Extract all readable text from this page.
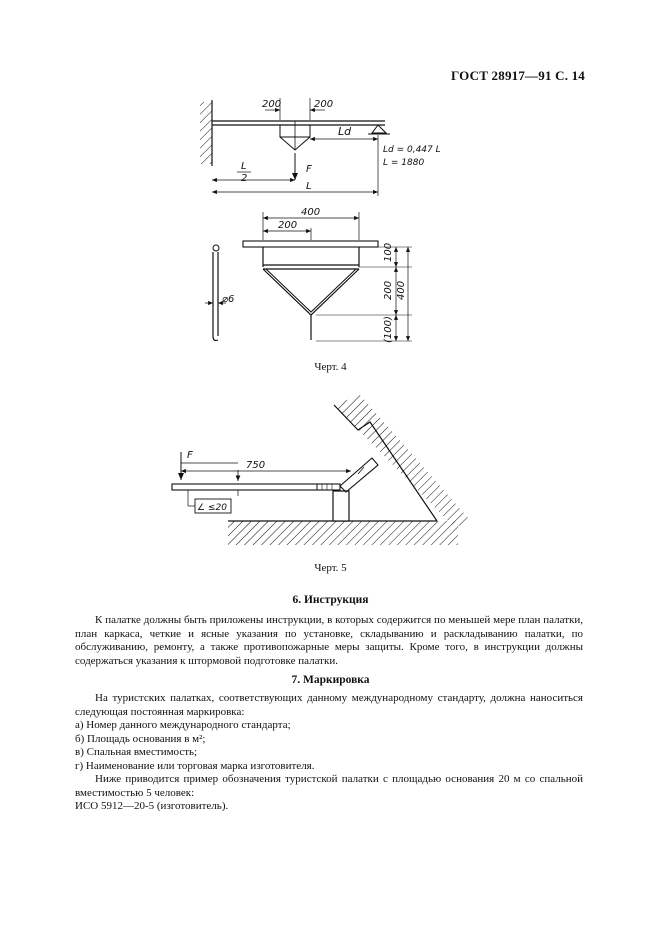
ГОСТ 28917—91 С. 14
200	200
Ld
Ld = 0,447 L
L = 1880
F
L
2
L
400
200
100
200 400
(100)
⌀6
F
750
∠ ≤20
Черт. 4
Черт. 5
6. Инструкция
К палатке должны быть приложены инструкции, в которых содержится по меньшей мере план палатки, план каркаса, четкие и ясные указания по установке, складыванию и раскладыванию палатки, по обслуживанию, ремонту, а также противопожарные меры защиты. Кроме того, в инструкции должны содержаться указания к штормовой подготовке палатки.
7. Маркировка
На туристских палатках, соответствующих данному международному стандарту, должна наноситься следующая постоянная маркировка:
а) Номер данного международного стандарта;
б) Площадь основания в м²;
в) Спальная вместимость;
г) Наименование или торговая марка изготовителя.
Ниже приводится пример обозначения туристской палатки с площадью основания 20 м со спальной вместимостью 5 человек:
ИСО 5912—20-5 (изготовитель).
